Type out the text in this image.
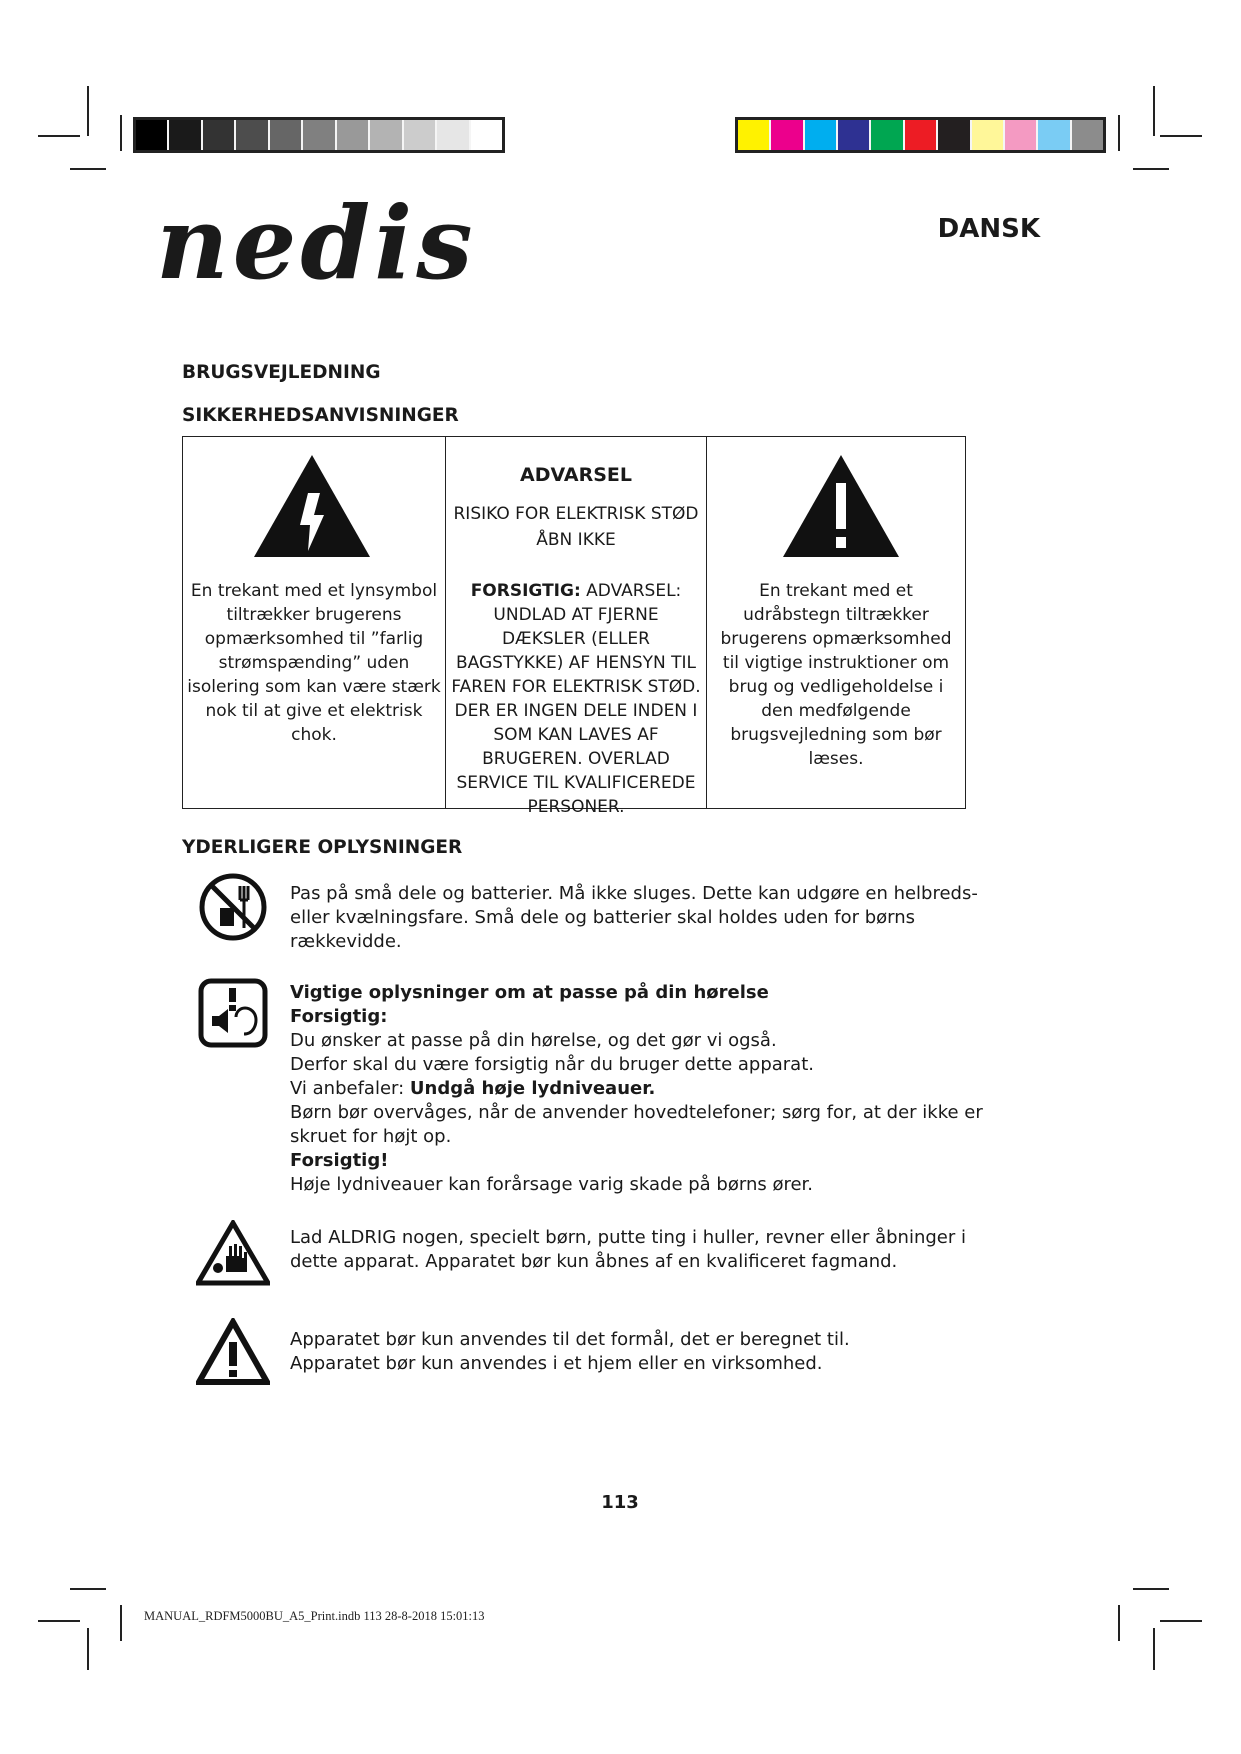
nedis	DANSK
BRUGSVEJLEDNING
SIKKERHEDSANVISNINGER
En trekant med et lynsymbol tiltrækker brugerens opmærksomhed til ”farlig strømspænding” uden isolering som kan være stærk nok til at give et elektrisk chok.
ADVARSEL
RISIKO FOR ELEKTRISK STØD
ÅBN IKKE
FORSIGTIG: ADVARSEL: UNDLAD AT FJERNE DÆKSLER (ELLER BAGSTYKKE) AF HENSYN TIL FAREN FOR ELEKTRISK STØD. DER ER INGEN DELE INDEN I SOM KAN LAVES AF BRUGEREN. OVERLAD SERVICE TIL KVALIFICEREDE PERSONER.
En trekant med et udråbstegn tiltrækker brugerens opmærksomhed til vigtige instruktioner om brug og vedligeholdelse i den medfølgende brugsvejledning som bør læses.
YDERLIGERE OPLYSNINGER
Pas på små dele og batterier. Må ikke sluges. Dette kan udgøre en helbreds- eller kvælningsfare. Små dele og batterier skal holdes uden for børns rækkevidde.
Vigtige oplysninger om at passe på din hørelse
Forsigtig:
Du ønsker at passe på din hørelse, og det gør vi også.
Derfor skal du være forsigtig når du bruger dette apparat.
Vi anbefaler: Undgå høje lydniveauer.
Børn bør overvåges, når de anvender hovedtelefoner; sørg for, at der ikke er skruet for højt op.
Forsigtig!
Høje lydniveauer kan forårsage varig skade på børns ører.
Lad ALDRIG nogen, specielt børn, putte ting i huller, revner eller åbninger i dette apparat. Apparatet bør kun åbnes af en kvalificeret fagmand.
Apparatet bør kun anvendes til det formål, det er beregnet til.
Apparatet bør kun anvendes i et hjem eller en virksomhed.
113
MANUAL_RDFM5000BU_A5_Print.indb 113 28-8-2018 15:01:13
